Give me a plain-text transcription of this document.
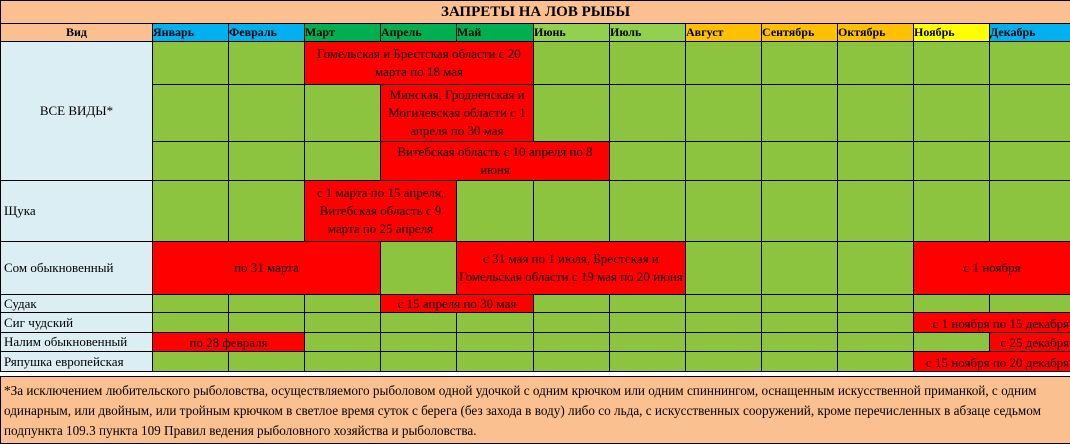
ЗАПРЕТЫ НА ЛОВ РЫБЫ												
Вид	Январь	Февраль	Март	Апрель	Май	Июнь	Июль	Август	Сентябрь	Октябрь	Ноябрь	Декабрь
ВСЕ ВИДЫ*			Гомельская и Брестская области с 20 марта по 18 мая									
				Минская, Гродненская и Могилевская области с 1 апреля по 30 мая								
				Витебская область с 10 апреля по 8 июня								
Щука			с 1 марта по 15 апреля, Витебская область с 9 марта по 25 апреля									
Сом обыкновенный	по 31 марта				с 31 мая по 1 июля, Брестская и Гомельская области с 19 мая по 20 июня						с 1 ноября	
Судак				с 15 апреля по 30 мая								
Сиг чудский											с 1 ноября по 15 декабря	
Налим обыкновенный	по 28 февраля											с 25 декабря
Ряпушка европейская											с 15 ноября по 20 декабря	
*За исключением любительского рыболовства, осуществляемого рыболовом одной удочкой с одним крючком или одним спиннингом, оснащенным искусственной приманкой, с одним одинарным, или двойным, или тройным крючком в светлое время суток с берега (без захода в воду) либо со льда, с искусственных сооружений, кроме перечисленных в абзаце седьмом подпункта 109.3 пункта 109 Правил ведения рыболовного хозяйства и рыболовства.
